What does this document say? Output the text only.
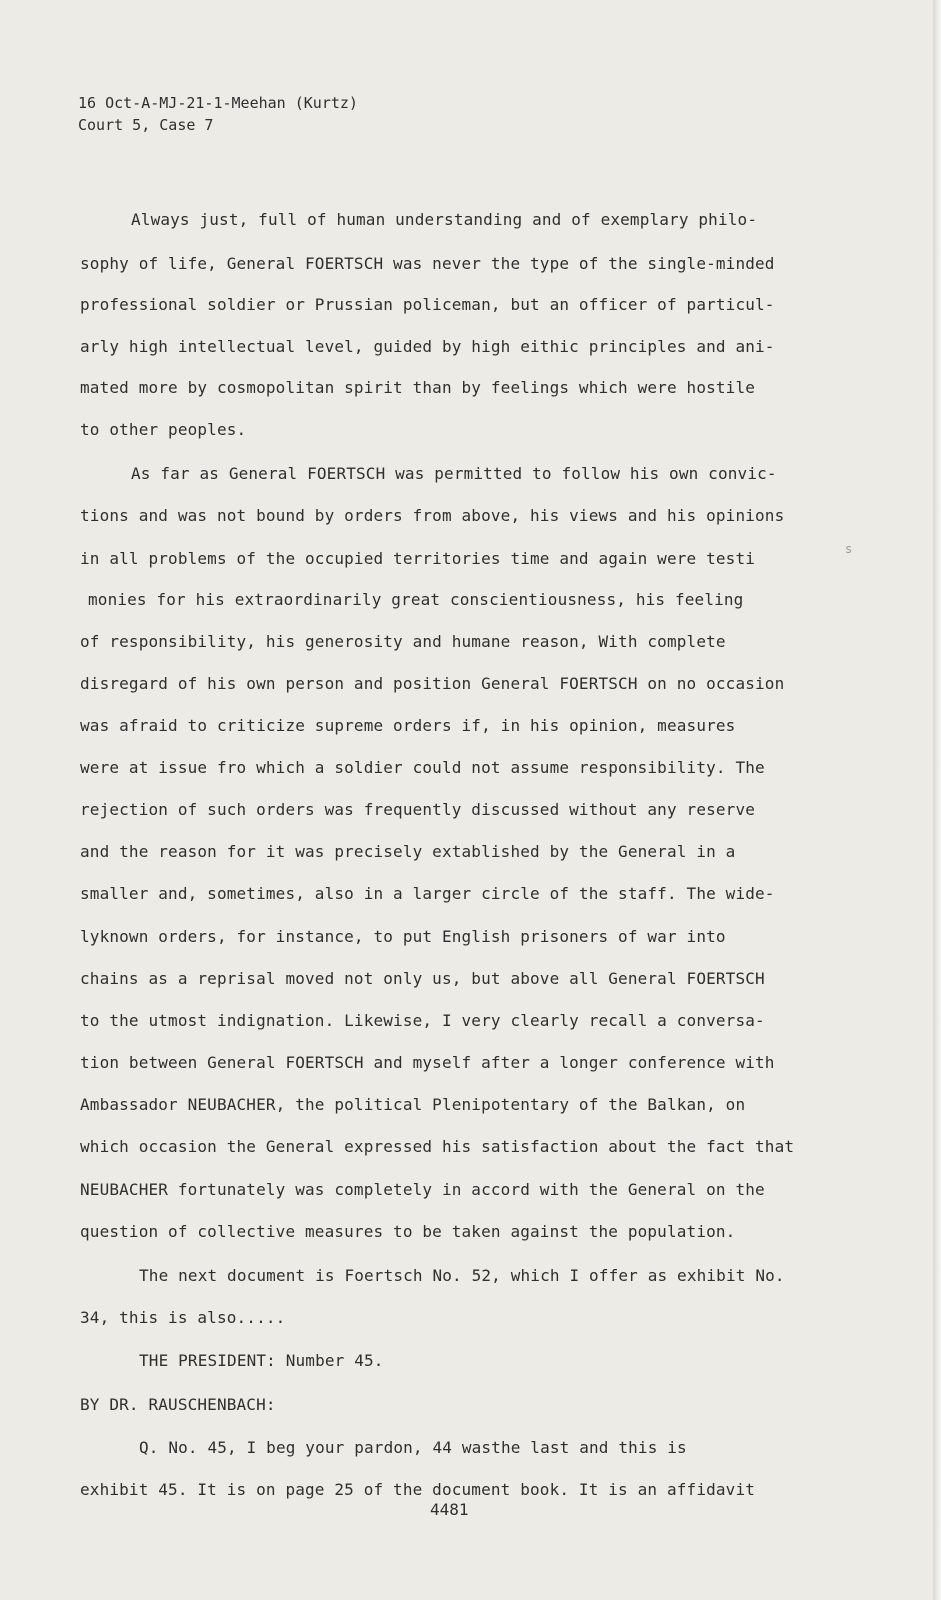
16 Oct-A-MJ-21-1-Meehan (Kurtz)
Court 5, Case 7
Always just, full of human understanding and of exemplary philo-
sophy of life, General FOERTSCH was never the type of the single-minded
professional soldier or Prussian policeman, but an officer of particul-
arly high intellectual level, guided by high eithic principles and ani-
mated more by cosmopolitan spirit than by feelings which were hostile
to other peoples.
As far as General FOERTSCH was permitted to follow his own convic-
tions and was not bound by orders from above, his views and his opinions
in all problems of the occupied territories time and again were testi
monies for his extraordinarily great conscientiousness, his feeling
of responsibility, his generosity and humane reason, With complete
disregard of his own person and position General FOERTSCH on no occasion
was afraid to criticize supreme orders if, in his opinion, measures
were at issue fro which a soldier could not assume responsibility. The
rejection of such orders was frequently discussed without any reserve
and the reason for it was precisely extablished by the General in a
smaller and, sometimes, also in a larger circle of the staff. The wide-
lyknown orders, for instance, to put English prisoners of war into
chains as a reprisal moved not only us, but above all General FOERTSCH
to the utmost indignation. Likewise, I very clearly recall a conversa-
tion between General FOERTSCH and myself after a longer conference with
Ambassador NEUBACHER, the political Plenipotentary of the Balkan, on
which occasion the General expressed his satisfaction about the fact that
NEUBACHER fortunately was completely in accord with the General on the
question of collective measures to be taken against the population.
The next document is Foertsch No. 52, which I offer as exhibit No.
34, this is also.....
THE PRESIDENT: Number 45.
BY DR. RAUSCHENBACH:
Q. No. 45, I beg your pardon, 44 wasthe last and this is
exhibit 45. It is on page 25 of the document book. It is an affidavit
s
4481
